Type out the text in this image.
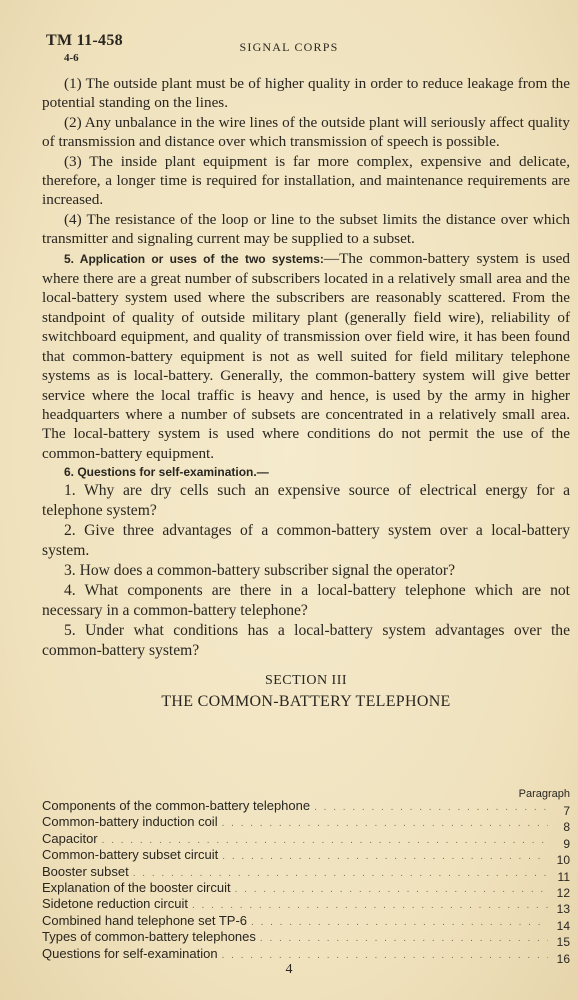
TM 11-458
4-6
SIGNAL CORPS

(1) The outside plant must be of higher quality in order to reduce leakage from the potential standing on the lines.

(2) Any unbalance in the wire lines of the outside plant will seriously affect quality of transmission and distance over which transmission of speech is possible.

(3) The inside plant equipment is far more complex, expensive and delicate, therefore, a longer time is required for installation, and maintenance requirements are increased.

(4) The resistance of the loop or line to the subset limits the distance over which transmitter and signaling current may be supplied to a subset.

5. Application or uses of the two systems:—The common-battery system is used where there are a great number of subscribers located in a relatively small area and the local-battery system used where the subscribers are reasonably scattered. From the standpoint of quality of outside military plant (generally field wire), reliability of switchboard equipment, and quality of transmission over field wire, it has been found that common-battery equipment is not as well suited for field military telephone systems as is local-battery. Generally, the common-battery system will give better service where the local traffic is heavy and hence, is used by the army in higher headquarters where a number of subsets are concentrated in a relatively small area. The local-battery system is used where conditions do not permit the use of the common-battery equipment.

6. Questions for self-examination.—

1. Why are dry cells such an expensive source of electrical energy for a telephone system?

2. Give three advantages of a common-battery system over a local-battery system.

3. How does a common-battery subscriber signal the operator?

4. What components are there in a local-battery telephone which are not necessary in a common-battery telephone?

5. Under what conditions has a local-battery system advantages over the common-battery system?

SECTION III
THE COMMON-BATTERY TELEPHONE
Paragraph
Components of the common-battery telephone . . .	7
Common-battery induction coil . . .	8
Capacitor . . .	9
Common-battery subset circuit . . .	10
Booster subset . . .	11
Explanation of the booster circuit . . .	12
Sidetone reduction circuit . . .	13
Combined hand telephone set TP-6 . . .	14
Types of common-battery telephones . . .	15
Questions for self-examination . . .	16
4
